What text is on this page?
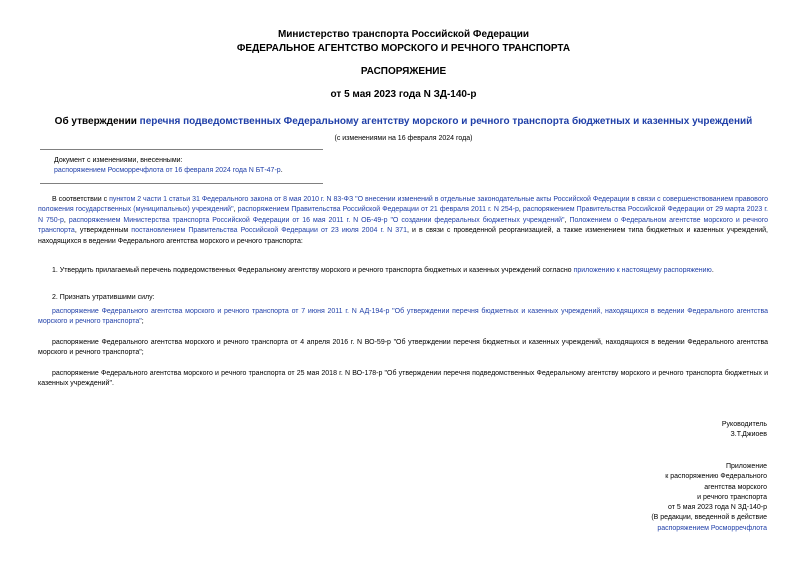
Министерство транспорта Российской Федерации
ФЕДЕРАЛЬНОЕ АГЕНТСТВО МОРСКОГО И РЕЧНОГО ТРАНСПОРТА
РАСПОРЯЖЕНИЕ
от 5 мая 2023 года N ЗД-140-р
Об утверждении перечня подведомственных Федеральному агентству морского и речного транспорта бюджетных и казенных учреждений
(с изменениями на 16 февраля 2024 года)
Документ с изменениями, внесенными:
распоряжением Росморречфлота от 16 февраля 2024 года N БТ-47-р.
В соответствии с пунктом 2 части 1 статьи 31 Федерального закона от 8 мая 2010 г. N 83-ФЗ "О внесении изменений в отдельные законодательные акты Российской Федерации в связи с совершенствованием правового положения государственных (муниципальных) учреждений", распоряжением Правительства Российской Федерации от 21 февраля 2011 г. N 254-р, распоряжением Правительства Российской Федерации от 29 марта 2023 г. N 750-р, распоряжением Министерства транспорта Российской Федерации от 16 мая 2011 г. N ОБ-49-р "О создании федеральных бюджетных учреждений", Положением о Федеральном агентстве морского и речного транспорта, утвержденным постановлением Правительства Российской Федерации от 23 июля 2004 г. N 371, и в связи с проведенной реорганизацией, а также изменением типа бюджетных и казенных учреждений, находящихся в ведении Федерального агентства морского и речного транспорта:
1. Утвердить прилагаемый перечень подведомственных Федеральному агентству морского и речного транспорта бюджетных и казенных учреждений согласно приложению к настоящему распоряжению.
2. Признать утратившими силу:
распоряжение Федерального агентства морского и речного транспорта от 7 июня 2011 г. N АД-194-р "Об утверждении перечня бюджетных и казенных учреждений, находящихся в ведении Федерального агентства морского и речного транспорта";
распоряжение Федерального агентства морского и речного транспорта от 4 апреля 2016 г. N ВО-59-р "Об утверждении перечня бюджетных и казенных учреждений, находящихся в ведении Федерального агентства морского и речного транспорта";
распоряжение Федерального агентства морского и речного транспорта от 25 мая 2018 г. N ВО-178-р "Об утверждении перечня подведомственных Федеральному агентству морского и речного транспорта бюджетных и казенных учреждений".
Руководитель
З.Т.Джиоев
Приложение
к распоряжению Федерального
агентства морского
и речного транспорта
от 5 мая 2023 года N ЗД-140-р
(В редакции, введенной в действие
распоряжением Росморречфлота
